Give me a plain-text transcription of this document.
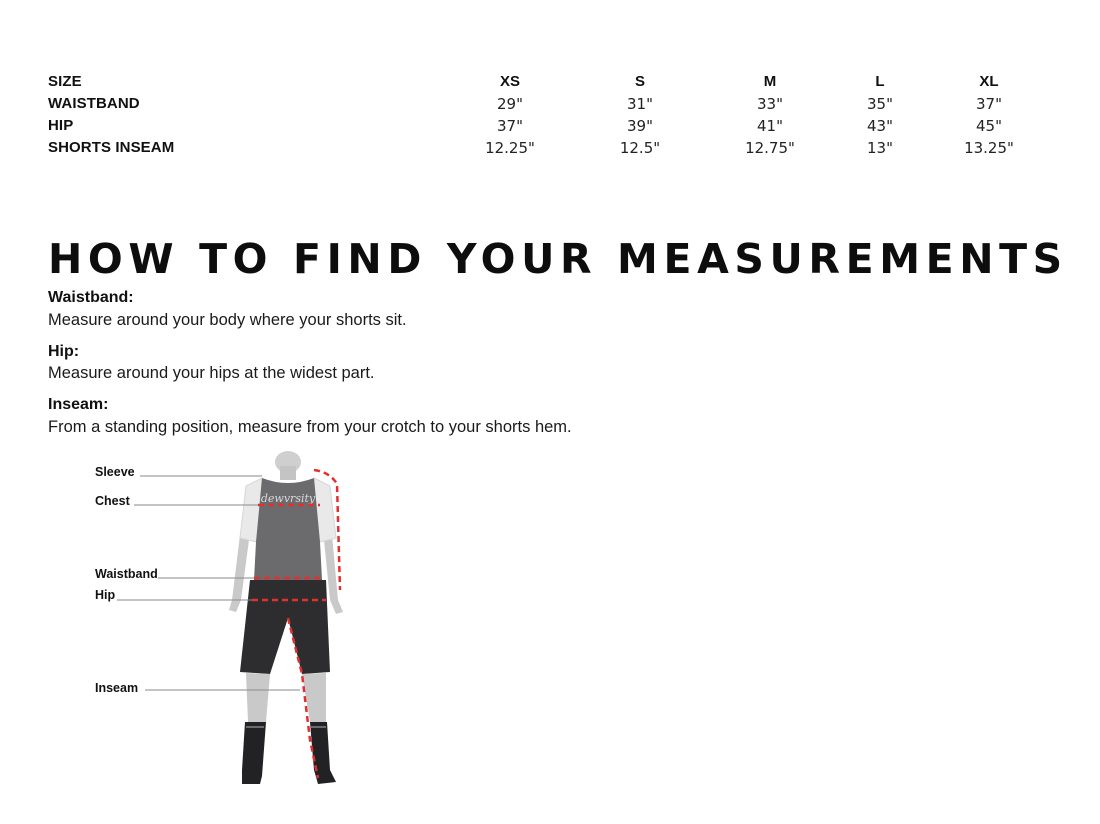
SIZE	XS	S	M	L	XL
WAISTBAND	29"	31"	33"	35"	37"
HIP	37"	39"	41"	43"	45"
SHORTS INSEAM	12.25"	12.5"	12.75"	13"	13.25"
HOW TO FIND YOUR MEASUREMENTS
Waistband:
Measure around your body where your shorts sit.
Hip:
Measure around your hips at the widest part.
Inseam:
From a standing position, measure from your crotch to your shorts hem.
dewvrsity
Sleeve
Chest
Waistband
Hip
Inseam
